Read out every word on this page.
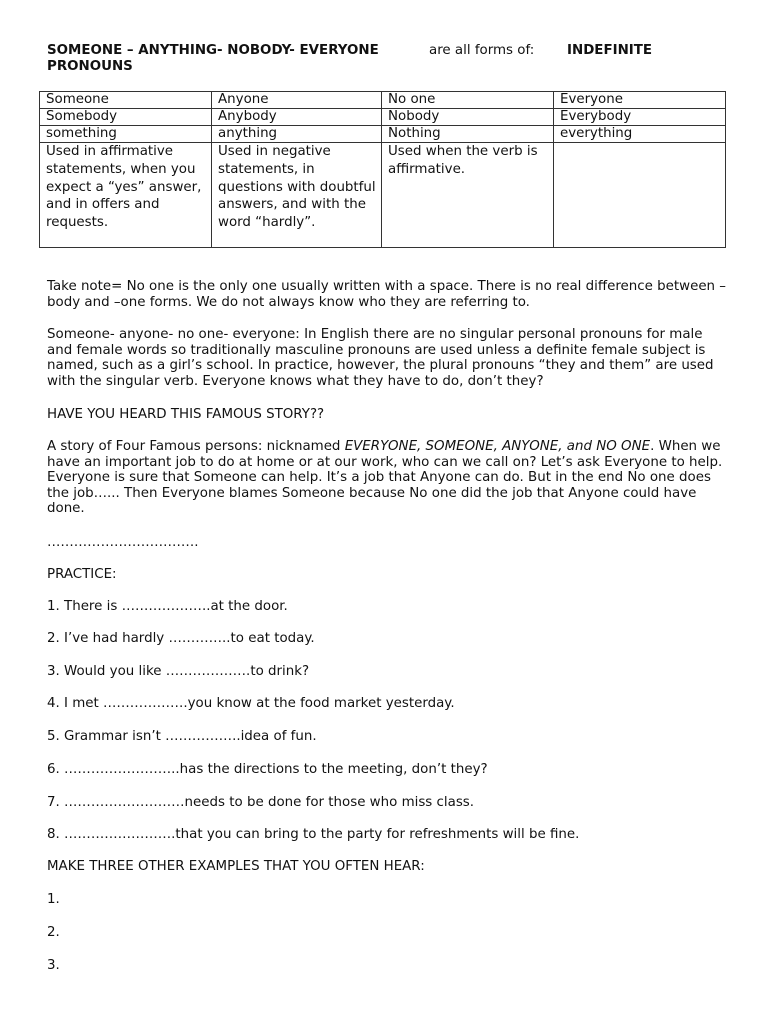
SOMEONE – ANYTHING- NOBODY- EVERYONE	are all forms of: INDEFINITE
PRONOUNS
Someone	Anyone	No one	Everyone
Somebody	Anybody	Nobody	Everybody
something	anything	Nothing	everything
Used in affirmative statements, when you expect a “yes” answer, and in offers and requests.	Used in negative statements, in questions with doubtful answers, and with the word “hardly”.	Used when the verb is affirmative.	
Take note= No one is the only one usually written with a space. There is no real difference between –body and –one forms. We do not always know who they are referring to.
Someone- anyone- no one- everyone: In English there are no singular personal pronouns for male and female words so traditionally masculine pronouns are used unless a definite female subject is named, such as a girl’s school. In practice, however, the plural pronouns “they and them” are used with the singular verb. Everyone knows what they have to do, don’t they?
HAVE YOU HEARD THIS FAMOUS STORY??
A story of Four Famous persons: nicknamed EVERYONE, SOMEONE, ANYONE, and NO ONE. When we have an important job to do at home or at our work, who can we call on? Let’s ask Everyone to help. Everyone is sure that Someone can help. It’s a job that Anyone can do. But in the end No one does the job…... Then Everyone blames Someone because No one did the job that Anyone could have done.
…………………………….
PRACTICE:
1. There is ………………..at the door.
2. I’ve had hardly …………..to eat today.
3. Would you like ……………….to drink?
4. I met ……………….you know at the food market yesterday.
5. Grammar isn’t ……………..idea of fun.
6. ……………………..has the directions to the meeting, don’t they?
7. ………………………needs to be done for those who miss class.
8. …………………….that you can bring to the party for refreshments will be fine.
MAKE THREE OTHER EXAMPLES THAT YOU OFTEN HEAR:
1.
2.
3.
